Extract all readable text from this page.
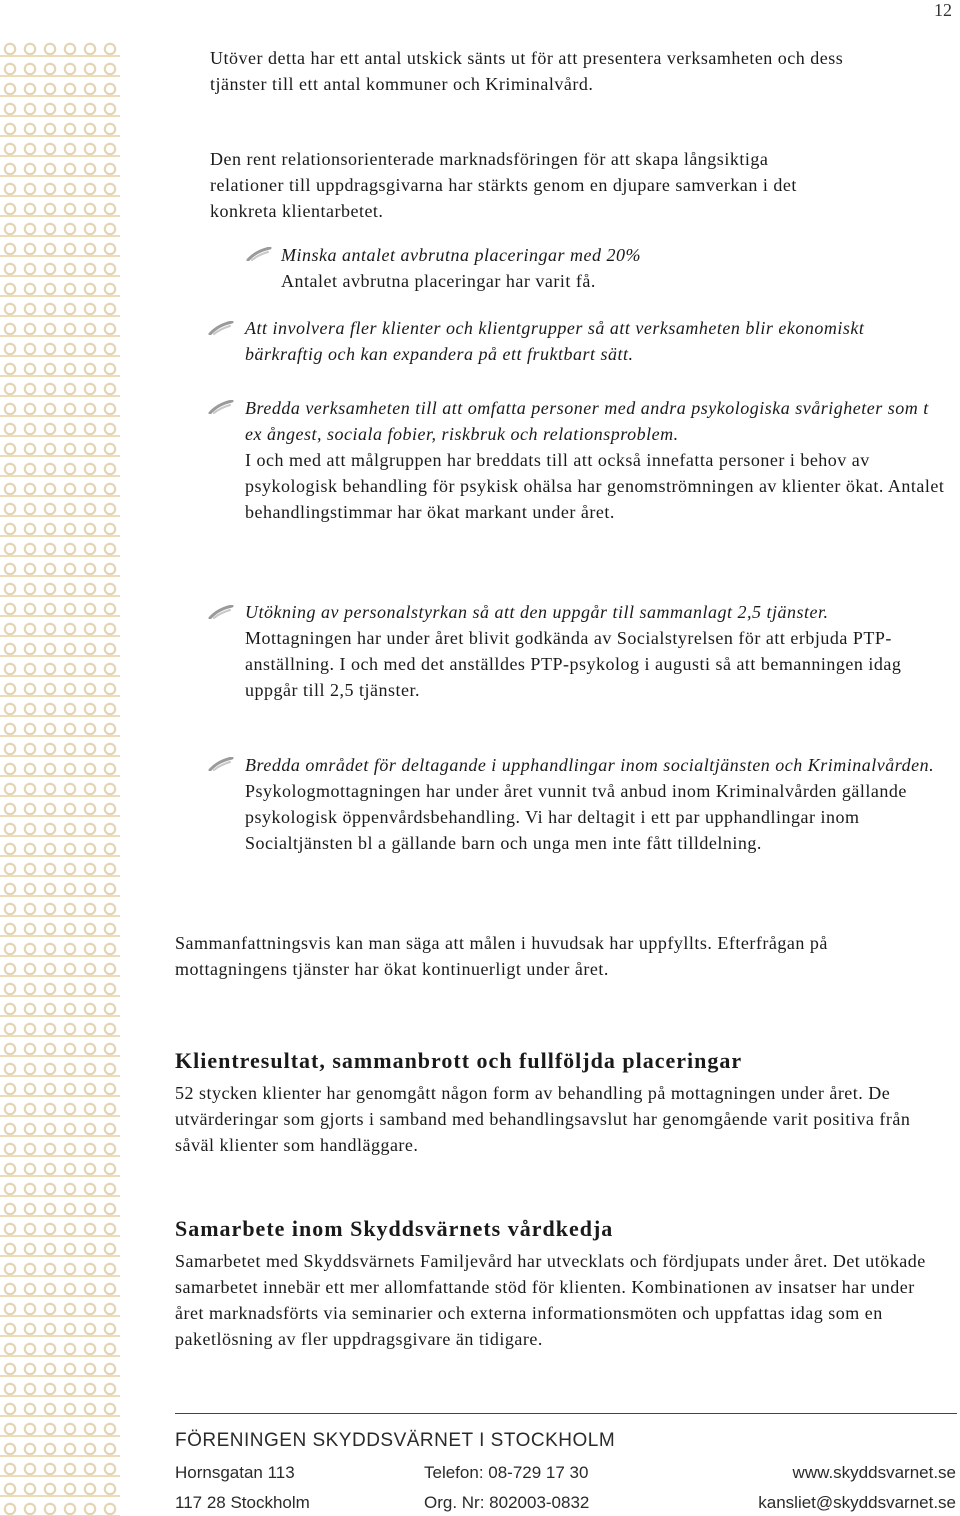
12

Utöver detta har ett antal utskick sänts ut för att presentera verksamheten och dess tjänster till ett antal kommuner och Kriminalvård.

Den rent relationsorienterade marknadsföringen för att skapa långsiktiga relationer till uppdragsgivarna har stärkts genom en djupare samverkan i det konkreta klientarbetet.

Minska antalet avbrutna placeringar med 20%

Antalet avbrutna placeringar har varit få.

Att involvera fler klienter och klientgrupper så att verksamheten blir ekonomiskt bärkraftig och kan expandera på ett fruktbart sätt.

Bredda verksamheten till att omfatta personer med andra psykologiska svårigheter som t ex ångest, sociala fobier, riskbruk och relationsproblem.

I och med att målgruppen har breddats till att också innefatta personer i behov av psykologisk behandling för psykisk ohälsa har genomströmningen av klienter ökat. Antalet behandlingstimmar har ökat markant under året.

Utökning av personalstyrkan så att den uppgår till sammanlagt 2,5 tjänster.

Mottagningen har under året blivit godkända av Socialstyrelsen för att erbjuda PTP-anställning. I och med det anställdes PTP-psykolog i augusti så att bemanningen idag uppgår till 2,5 tjänster.

Bredda området för deltagande i upphandlingar inom socialtjänsten och Kriminalvården.

Psykologmottagningen har under året vunnit två anbud inom Kriminalvården gällande psykologisk öppenvårdsbehandling. Vi har deltagit i ett par upphandlingar inom Socialtjänsten bl a gällande barn och unga men inte fått tilldelning.

Sammanfattningsvis kan man säga att målen i huvudsak har uppfyllts. Efterfrågan på mottagningens tjänster har ökat kontinuerligt under året.

Klientresultat, sammanbrott och fullföljda placeringar

52 stycken klienter har genomgått någon form av behandling på mottagningen under året. De utvärderingar som gjorts i samband med behandlingsavslut har genomgående varit positiva från såväl klienter som handläggare.

Samarbete inom Skyddsvärnets vårdkedja

Samarbetet med Skyddsvärnets Familjevård har utvecklats och fördjupats under året. Det utökade samarbetet innebär ett mer allomfattande stöd för klienten. Kombinationen av insatser har under året marknadsförts via seminarier och externa informationsmöten och uppfattas idag som en paketlösning av fler uppdragsgivare än tidigare.

FÖRENINGEN SKYDDSVÄRNET I STOCKHOLM
Hornsgatan 113
117 28 Stockholm
Telefon: 08-729 17 30
Org. Nr: 802003-0832
www.skyddsvarnet.se
kansliet@skyddsvarnet.se
